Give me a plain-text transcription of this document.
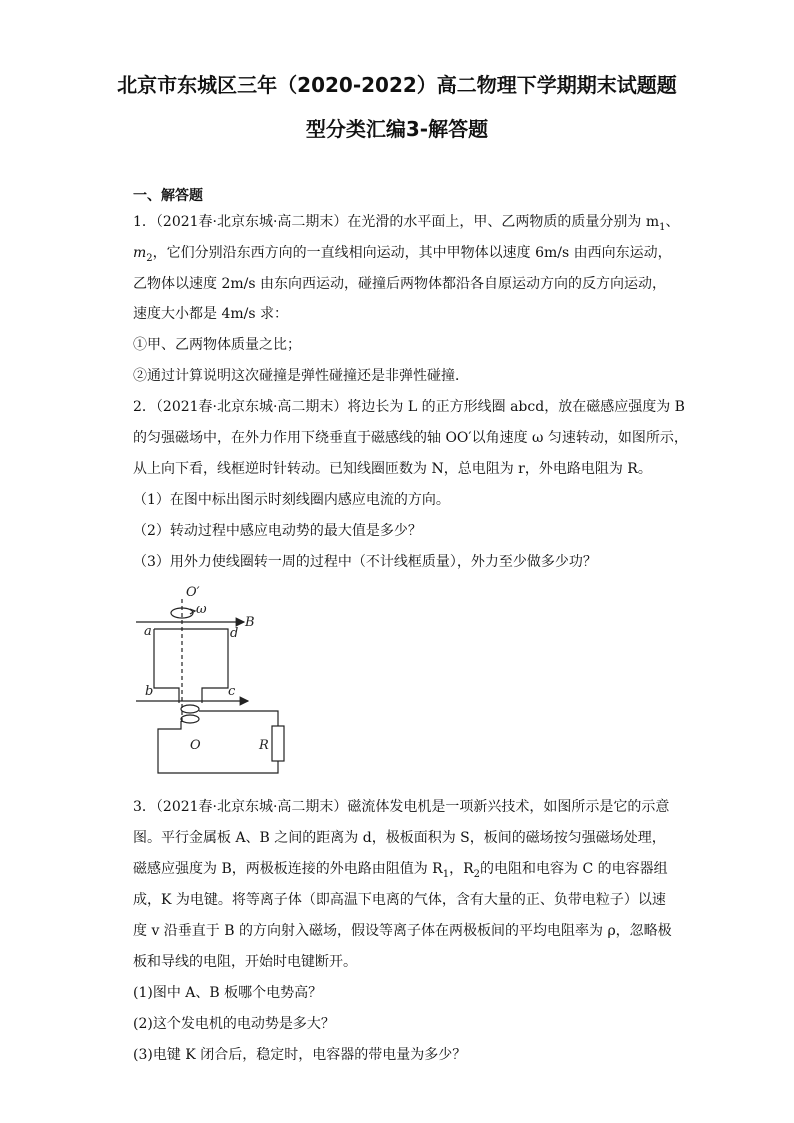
北京市东城区三年（2020-2022）高二物理下学期期末试题题
型分类汇编3-解答题
一、解答题
1．（2021春·北京东城·高二期末）在光滑的水平面上，甲、乙两物质的质量分别为 $m_1$、
$m_2$，它们分别沿东西方向的一直线相向运动，其中甲物体以速度 6m/s 由西向东运动，
乙物体以速度 2m/s 由东向西运动，碰撞后两物体都沿各自原运动方向的反方向运动，
速度大小都是 4m/s 求：
①甲、乙两物体质量之比；
②通过计算说明这次碰撞是弹性碰撞还是非弹性碰撞．
2．（2021春·北京东城·高二期末）将边长为 L 的正方形线圈 abcd，放在磁感应强度为 B
的匀强磁场中，在外力作用下绕垂直于磁感线的轴 OO′以角速度 ω 匀速转动，如图所示，
从上向下看，线框逆时针转动。已知线圈匝数为 N，总电阻为 r，外电路电阻为 R。
（1）在图中标出图示时刻线圈内感应电流的方向。
（2）转动过程中感应电动势的最大值是多少？
（3）用外力使线圈转一周的过程中（不计线框质量），外力至少做多少功？
O′
ω
B
a	d
b	c
O	R
3．（2021春·北京东城·高二期末）磁流体发电机是一项新兴技术，如图所示是它的示意
图。平行金属板 A、B 之间的距离为 d，极板面积为 S，板间的磁场按匀强磁场处理，
磁感应强度为 B，两极板连接的外电路由阻值为 $R_1$，$R_2$的电阻和电容为 C 的电容器组
成，K 为电键。将等离子体（即高温下电离的气体，含有大量的正、负带电粒子）以速
度 v 沿垂直于 B 的方向射入磁场，假设等离子体在两极板间的平均电阻率为 ρ，忽略极
板和导线的电阻，开始时电键断开。
(1)图中 A、B 板哪个电势高？
(2)这个发电机的电动势是多大？
(3)电键 K 闭合后，稳定时，电容器的带电量为多少？
